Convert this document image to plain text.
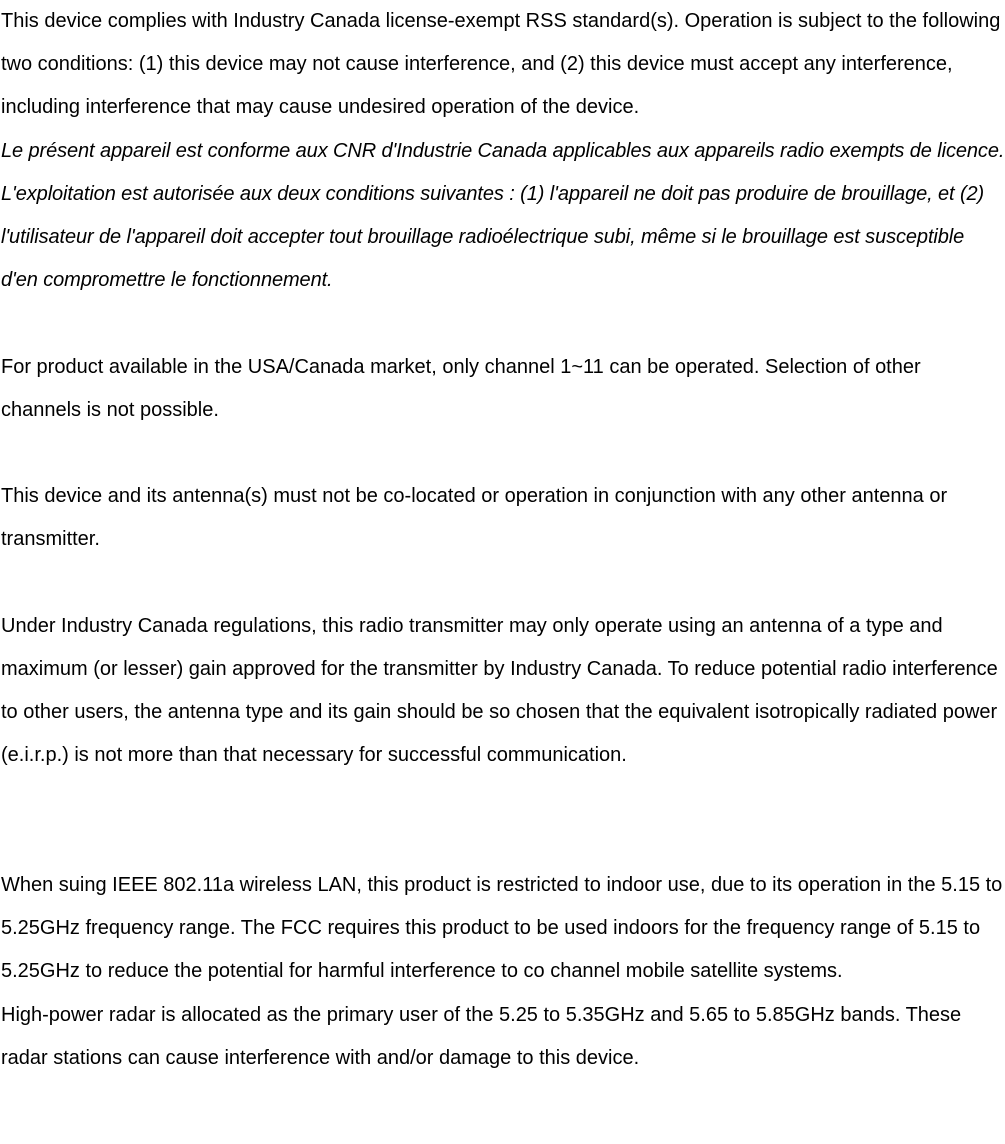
This device complies with Industry Canada license-exempt RSS standard(s). Operation is subject to the following two conditions: (1) this device may not cause interference, and (2) this device must accept any interference, including interference that may cause undesired operation of the device.

Le présent appareil est conforme aux CNR d'Industrie Canada applicables aux appareils radio exempts de licence. L'exploitation est autorisée aux deux conditions suivantes : (1) l'appareil ne doit pas produire de brouillage, et (2) l'utilisateur de l'appareil doit accepter tout brouillage radioélectrique subi, même si le brouillage est susceptible d'en compromettre le fonctionnement.

For product available in the USA/Canada market, only channel 1~11 can be operated. Selection of other channels is not possible.

This device and its antenna(s) must not be co-located or operation in conjunction with any other antenna or transmitter.

Under Industry Canada regulations, this radio transmitter may only operate using an antenna of a type and maximum (or lesser) gain approved for the transmitter by Industry Canada. To reduce potential radio interference to other users, the antenna type and its gain should be so chosen that the equivalent isotropically radiated power (e.i.r.p.) is not more than that necessary for successful communication.

When suing IEEE 802.11a wireless LAN, this product is restricted to indoor use, due to its operation in the 5.15 to 5.25GHz frequency range. The FCC requires this product to be used indoors for the frequency range of 5.15 to 5.25GHz to reduce the potential for harmful interference to co channel mobile satellite systems.

High-power radar is allocated as the primary user of the 5.25 to 5.35GHz and 5.65 to 5.85GHz bands. These radar stations can cause interference with and/or damage to this device.
